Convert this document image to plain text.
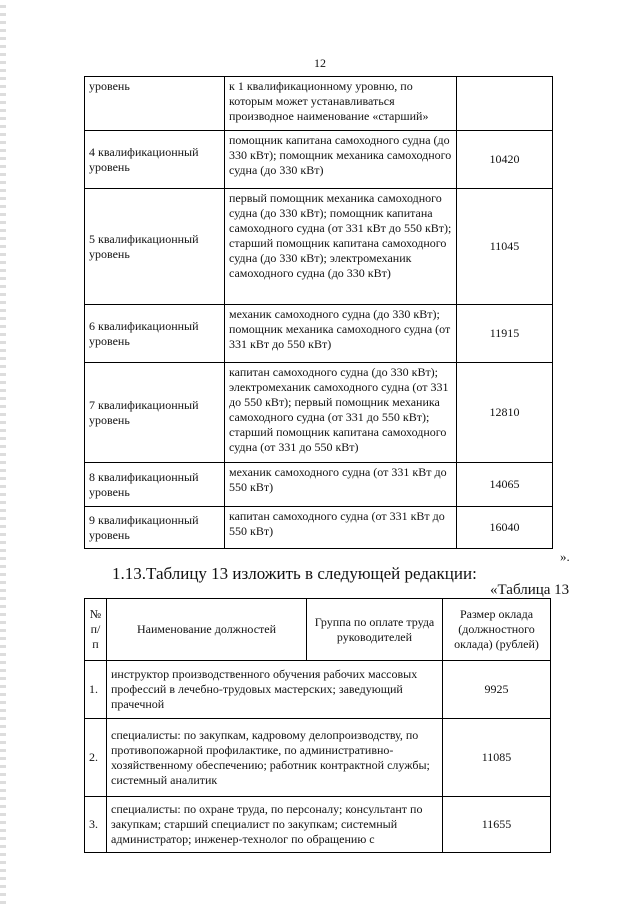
12
уровень	к 1 квалификационному уровню, по которым может устанавливаться производное наименование «старший»	
4 квалификационный уровень	помощник капитана самоходного судна (до 330 кВт); помощник механика самоходного судна (до 330 кВт)	10420
5 квалификационный уровень	первый помощник механика самоходного судна (до 330 кВт); помощник капитана самоходного судна (от 331 кВт до 550 кВт); старший помощник капитана самоходного судна (до 330 кВт); электромеханик самоходного судна (до 330 кВт)	11045
6 квалификационный уровень	механик самоходного судна (до 330 кВт); помощник механика самоходного судна (от 331 кВт до 550 кВт)	11915
7 квалификационный уровень	капитан самоходного судна (до 330 кВт); электромеханик самоходного судна (от 331 до 550 кВт); первый помощник механика самоходного судна (от 331 до 550 кВт); старший помощник капитана самоходного судна (от 331 до 550 кВт)	12810
8 квалификационный уровень	механик самоходного судна (от 331 кВт до 550 кВт)	14065
9 квалификационный уровень	капитан самоходного судна (от 331 кВт до 550 кВт)	16040
».
1.13.Таблицу 13 изложить в следующей редакции:
«Таблица 13
№ п/п	Наименование должностей	Группа по оплате труда руководителей	Размер оклада (должностного оклада) (рублей)
1.	инструктор производственного обучения рабочих массовых профессий в лечебно-трудовых мастерских; заведующий прачечной		9925
2.	специалисты: по закупкам, кадровому делопроизводству, по противопожарной профилактике, по административно-хозяйственному обеспечению; работник контрактной службы; системный аналитик		11085
3.	специалисты: по охране труда, по персоналу; консультант по закупкам; старший специалист по закупкам; системный администратор; инженер-технолог по обращению с		11655
